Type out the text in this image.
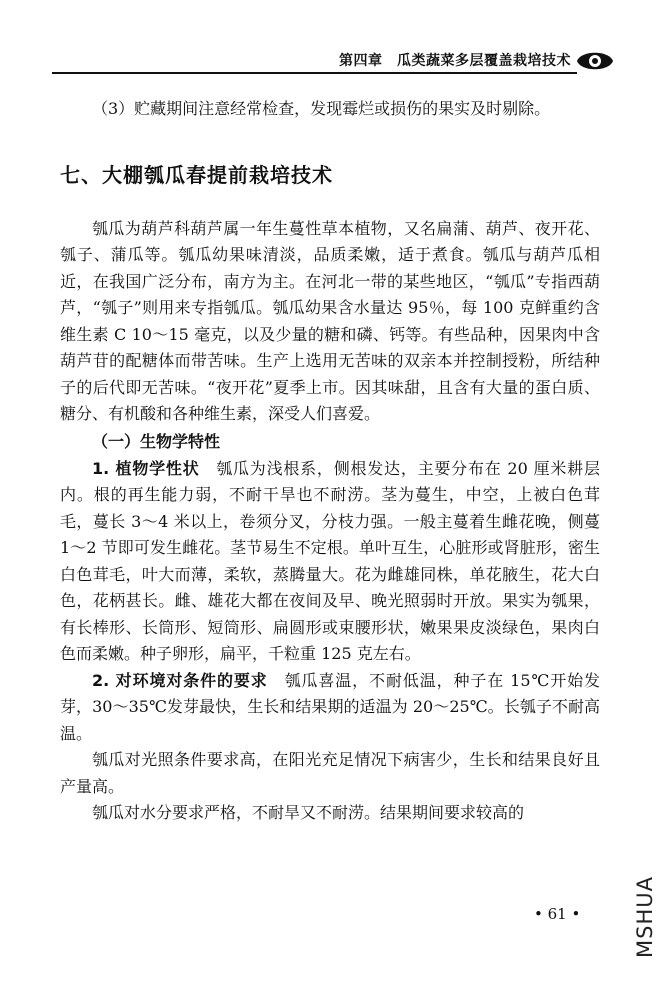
第四章　瓜类蔬菜多层覆盖栽培技术

（3）贮藏期间注意经常检查，发现霉烂或损伤的果实及时剔除。

七、大棚瓠瓜春提前栽培技术

瓠瓜为葫芦科葫芦属一年生蔓性草本植物，又名扁蒲、葫芦、夜开花、瓠子、蒲瓜等。瓠瓜幼果味清淡，品质柔嫩，适于煮食。瓠瓜与葫芦瓜相近，在我国广泛分布，南方为主。在河北一带的某些地区，“瓠瓜”专指西葫芦，“瓠子”则用来专指瓠瓜。瓠瓜幼果含水量达 95％，每 100 克鲜重约含维生素 C 10～15 毫克，以及少量的糖和磷、钙等。有些品种，因果肉中含葫芦苷的配糖体而带苦味。生产上选用无苦味的双亲本并控制授粉，所结种子的后代即无苦味。“夜开花”夏季上市。因其味甜，且含有大量的蛋白质、糖分、有机酸和各种维生素，深受人们喜爱。

（一）生物学特性

1. 植物学性状　 瓠瓜为浅根系，侧根发达，主要分布在 20 厘米耕层内。根的再生能力弱，不耐干旱也不耐涝。茎为蔓生，中空，上被白色茸毛，蔓长 3～4 米以上，卷须分叉，分枝力强。一般主蔓着生雌花晚，侧蔓 1～2 节即可发生雌花。茎节易生不定根。单叶互生，心脏形或肾脏形，密生白色茸毛，叶大而薄，柔软，蒸腾量大。花为雌雄同株，单花腋生，花大白色，花柄甚长。雌、雄花大都在夜间及早、晚光照弱时开放。果实为瓠果，有长棒形、长筒形、短筒形、扁圆形或束腰形状，嫩果果皮淡绿色，果肉白色而柔嫩。种子卵形，扁平，千粒重 125 克左右。

2. 对环境对条件的要求　 瓠瓜喜温，不耐低温，种子在 15℃开始发芽，30～35℃发芽最快，生长和结果期的适温为 20～25℃。长瓠子不耐高温。

瓠瓜对光照条件要求高，在阳光充足情况下病害少，生长和结果良好且产量高。

瓠瓜对水分要求严格，不耐旱又不耐涝。结果期间要求较高的

• 61 •	MSHUA
